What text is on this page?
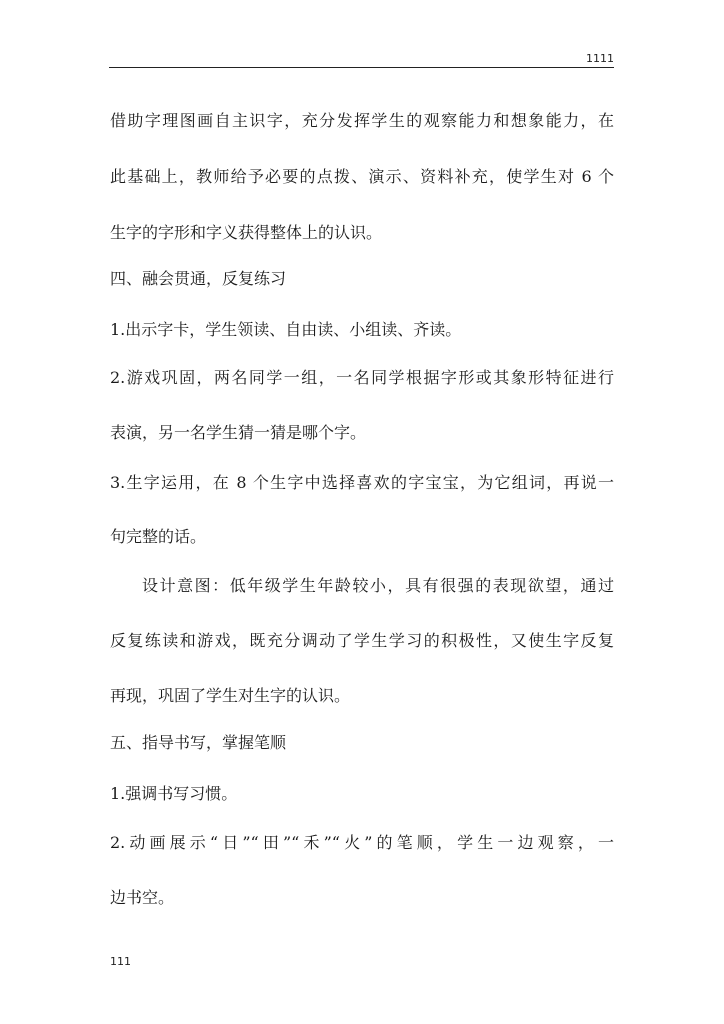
1111
借助字理图画自主识字，充分发挥学生的观察能力和想象能力，在
此基础上，教师给予必要的点拨、演示、资料补充，使学生对 6 个
生字的字形和字义获得整体上的认识。
四、融会贯通，反复练习
1.出示字卡，学生领读、自由读、小组读、齐读。
2.游戏巩固，两名同学一组，一名同学根据字形或其象形特征进行
表演，另一名学生猜一猜是哪个字。
3.生字运用，在 8 个生字中选择喜欢的字宝宝，为它组词，再说一
句完整的话。
设计意图：低年级学生年龄较小，具有很强的表现欲望，通过
反复练读和游戏，既充分调动了学生学习的积极性，又使生字反复
再现，巩固了学生对生字的认识。
五、指导书写，掌握笔顺
1.强调书写习惯。
2.动画展示“日”“田”“禾”“火”的笔顺，学生一边观察，一
边书空。
111
